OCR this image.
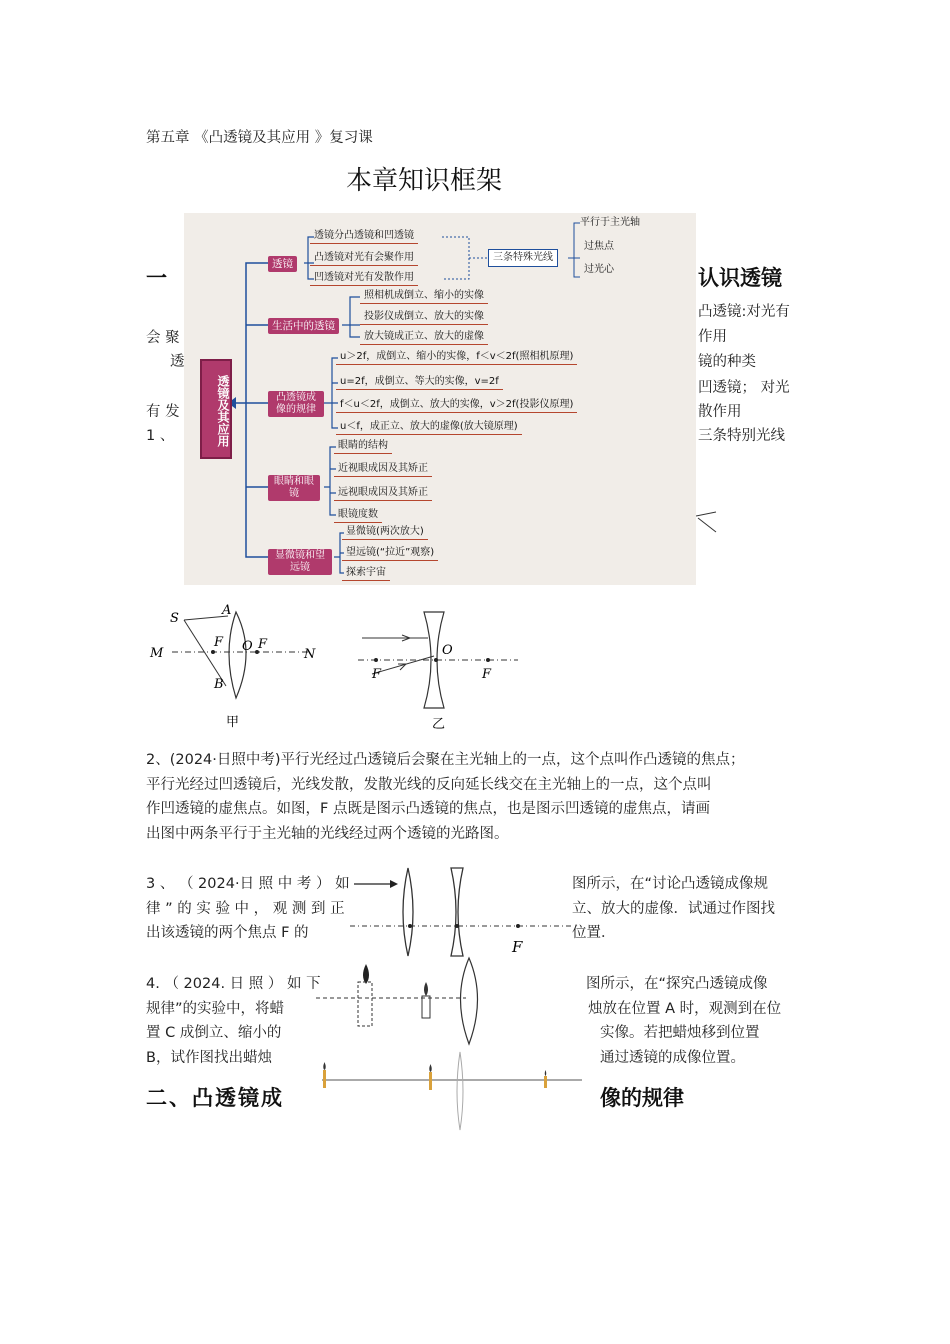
第五章 《凸透镜及其应用 》复习课
本章知识框架
一	认识透镜
会 聚
透
有 发
1 、
凸透镜:对光有
作用
镜的种类
凹透镜； 对光
散作用
三条特别光线
透镜及其应用
透镜
透镜分凸透镜和凹透镜
凸透镜对光有会聚作用
凹透镜对光有发散作用
三条特殊光线
平行于主光轴
过焦点
过光心
生活中的透镜
照相机成倒立、缩小的实像
投影仪成倒立、放大的实像
放大镜成正立、放大的虚像
凸透镜成像的规律
u＞2f，成倒立、缩小的实像，f＜v＜2f(照相机原理)
u=2f，成倒立、等大的实像，v=2f
f＜u＜2f，成倒立、放大的实像，v＞2f(投影仪原理)
u＜f，成正立、放大的虚像(放大镜原理)
眼睛和眼镜
眼睛的结构
近视眼成因及其矫正
远视眼成因及其矫正
眼镜度数
显微镜和望远镜
显微镜(两次放大)
望远镜(“拉近”观察)
探索宇宙
S
A
F O F
M	N
B
甲
O
F	F
乙
2、(2024·日照中考)平行光经过凸透镜后会聚在主光轴上的一点，这个点叫作凸透镜的焦点；
平行光经过凹透镜后，光线发散，发散光线的反向延长线交在主光轴上的一点，这个点叫
作凹透镜的虚焦点。如图，F 点既是图示凸透镜的焦点，也是图示凹透镜的虚焦点，请画
出图中两条平行于主光轴的光线经过两个透镜的光路图。
3 、 （ 2024·日 照 中 考 ） 如
律 ” 的 实 验 中 ， 观 测 到 正
出该透镜的两个焦点 F 的
图所示，在“讨论凸透镜成像规
立、放大的虚像．试通过作图找
位置．
F
4. （ 2024. 日 照 ） 如 下
规律”的实验中，将蜡
置 C 成倒立、缩小的
B，试作图找出蜡烛
图所示，在“探究凸透镜成像
烛放在位置 A 时，观测到在位
实像。若把蜡烛移到位置
通过透镜的成像位置。
二、凸透镜成	像的规律
